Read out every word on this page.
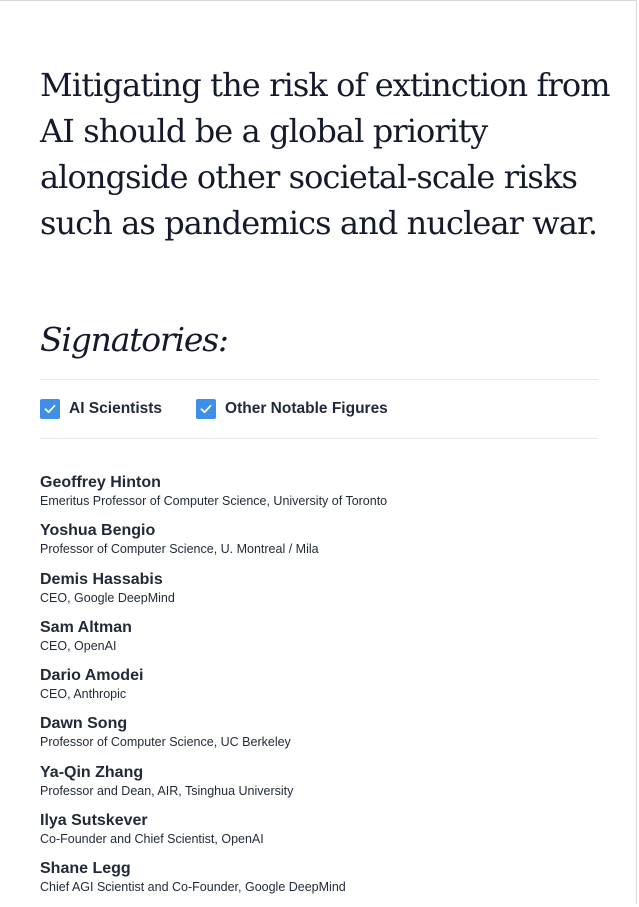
Mitigating the risk of extinction from
AI should be a global priority
alongside other societal-scale risks
such as pandemics and nuclear war.
Signatories:
AI Scientists	Other Notable Figures
Geoffrey Hinton
Emeritus Professor of Computer Science, University of Toronto
Yoshua Bengio
Professor of Computer Science, U. Montreal / Mila
Demis Hassabis
CEO, Google DeepMind
Sam Altman
CEO, OpenAI
Dario Amodei
CEO, Anthropic
Dawn Song
Professor of Computer Science, UC Berkeley
Ya-Qin Zhang
Professor and Dean, AIR, Tsinghua University
Ilya Sutskever
Co-Founder and Chief Scientist, OpenAI
Shane Legg
Chief AGI Scientist and Co-Founder, Google DeepMind
